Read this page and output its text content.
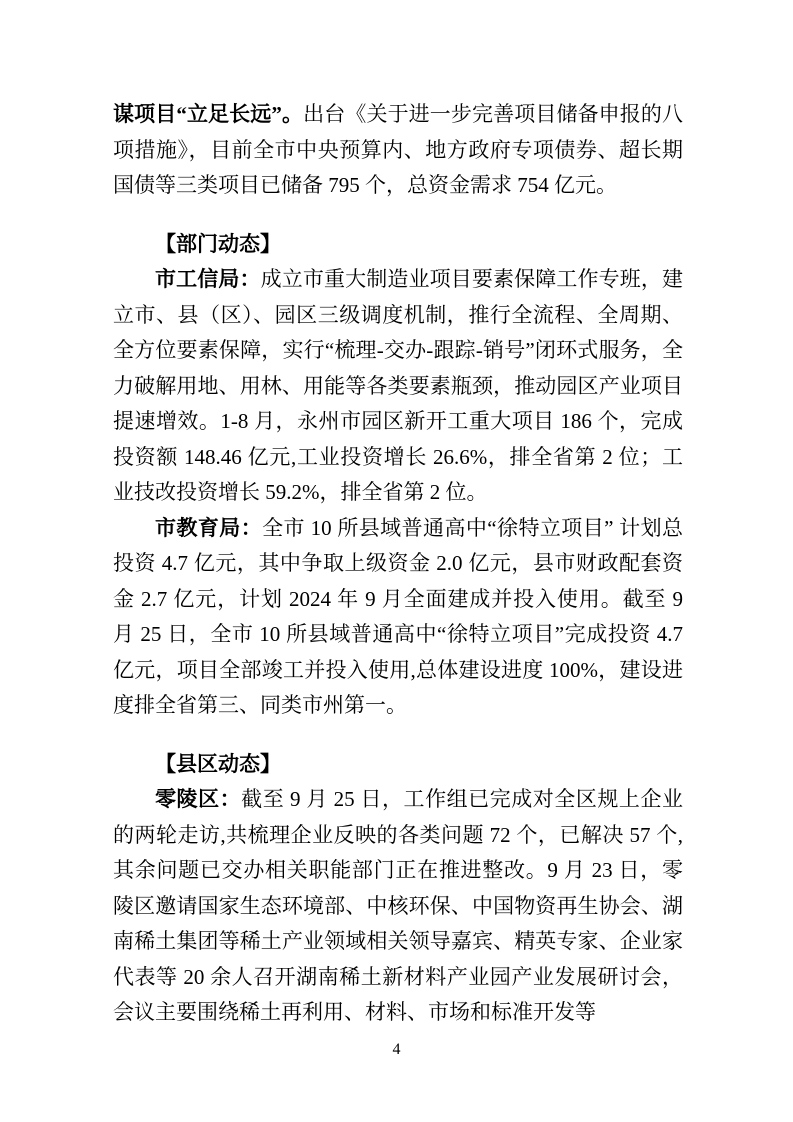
谋项目“立足长远”。出台《关于进一步完善项目储备申报的八项措施》，目前全市中央预算内、地方政府专项债券、超长期国债等三类项目已储备 795 个，总资金需求 754 亿元。

【部门动态】

市工信局：成立市重大制造业项目要素保障工作专班，建立市、县（区）、园区三级调度机制，推行全流程、全周期、全方位要素保障，实行“梳理-交办-跟踪-销号”闭环式服务，全力破解用地、用林、用能等各类要素瓶颈，推动园区产业项目提速增效。1-8 月，永州市园区新开工重大项目 186 个，完成投资额 148.46 亿元,工业投资增长 26.6%，排全省第 2 位；工业技改投资增长 59.2%，排全省第 2 位。

市教育局：全市 10 所县域普通高中“徐特立项目” 计划总投资 4.7 亿元，其中争取上级资金 2.0 亿元，县市财政配套资金 2.7 亿元，计划 2024 年 9 月全面建成并投入使用。截至 9 月 25 日，全市 10 所县域普通高中“徐特立项目”完成投资 4.7 亿元，项目全部竣工并投入使用,总体建设进度 100%，建设进度排全省第三、同类市州第一。

【县区动态】

零陵区：截至 9 月 25 日，工作组已完成对全区规上企业的两轮走访,共梳理企业反映的各类问题 72 个，已解决 57 个,其余问题已交办相关职能部门正在推进整改。9 月 23 日，零陵区邀请国家生态环境部、中核环保、中国物资再生协会、湖南稀土集团等稀土产业领域相关领导嘉宾、精英专家、企业家代表等 20 余人召开湖南稀土新材料产业园产业发展研讨会，会议主要围绕稀土再利用、材料、市场和标准开发等

4
